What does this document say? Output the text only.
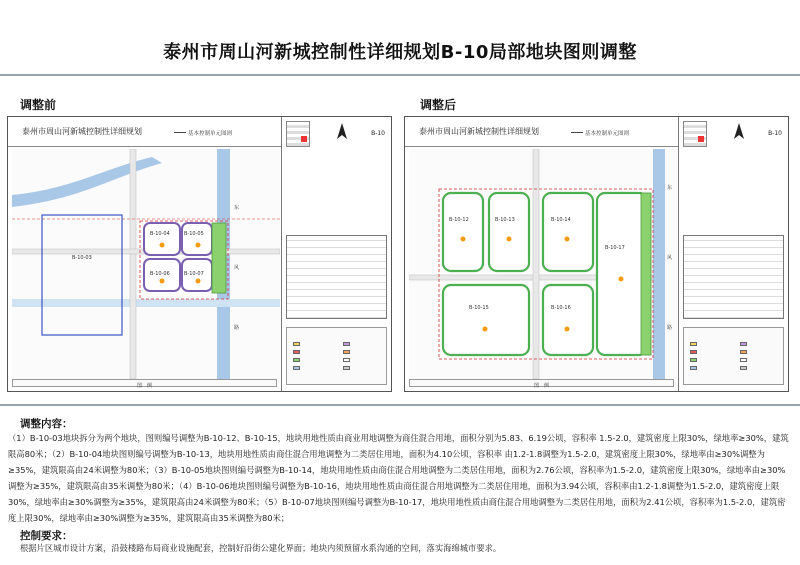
泰州市周山河新城控制性详细规划B-10局部地块图则调整
调整前
泰州市周山河新城控制性详细规划	基本控制单元图则
B-10-04	B-10-05
B-10-06	B-10-07
B-10-03
东
风
路
图　例
B-10
调整后
泰州市周山河新城控制性详细规划	基本控制单元图则
B-10-12	B-10-13	B-10-14
B-10-15	B-10-16
B-10-17
东
风
路
图　例
B-10
调整内容：
（1）B-10-03地块拆分为两个地块，图则编号调整为B-10-12、B-10-15，地块用地性质由商业用地调整为商住混合用地，面积分别为5.83、6.19公顷，容积率 1.5-2.0，建筑密度上限30%，绿地率≥30%，建筑限高80米；（2）B-10-04地块图则编号调整为B-10-13，地块用地性质由商住混合用地调整为二类居住用地，面积为4.10公顷，容积率 由1.2-1.8调整为1.5-2.0，建筑密度上限30%，绿地率由≥30%调整为≥35%，建筑限高由24米调整为80米；（3）B-10-05地块图则编号调整为B-10-14，地块用地性质由商住混合用地调整为二类居住用地，面积为2.76公顷，容积率为1.5-2.0，建筑密度上限30%，绿地率由≥30%调整为≥35%，建筑限高由35米调整为80米；（4）B-10-06地块图则编号调整为B-10-16，地块用地性质由商住混合用地调整为二类居住用地，面积为3.94公顷，容积率由1.2-1.8调整为1.5-2.0，建筑密度上限30%，绿地率由≥30%调整为≥35%，建筑限高由24米调整为80米；（5）B-10-07地块图则编号调整为B-10-17，地块用地性质由商住混合用地调整为二类居住用地，面积为2.41公顷，容积率为1.5-2.0，建筑密度上限30%，绿地率由≥30%调整为≥35%，建筑限高由35米调整为80米；
控制要求：
根据片区城市设计方案，沿鼓楼路布局商业设施配套，控制好沿街公建化界面；地块内须预留水系沟通的空间，落实海绵城市要求。
